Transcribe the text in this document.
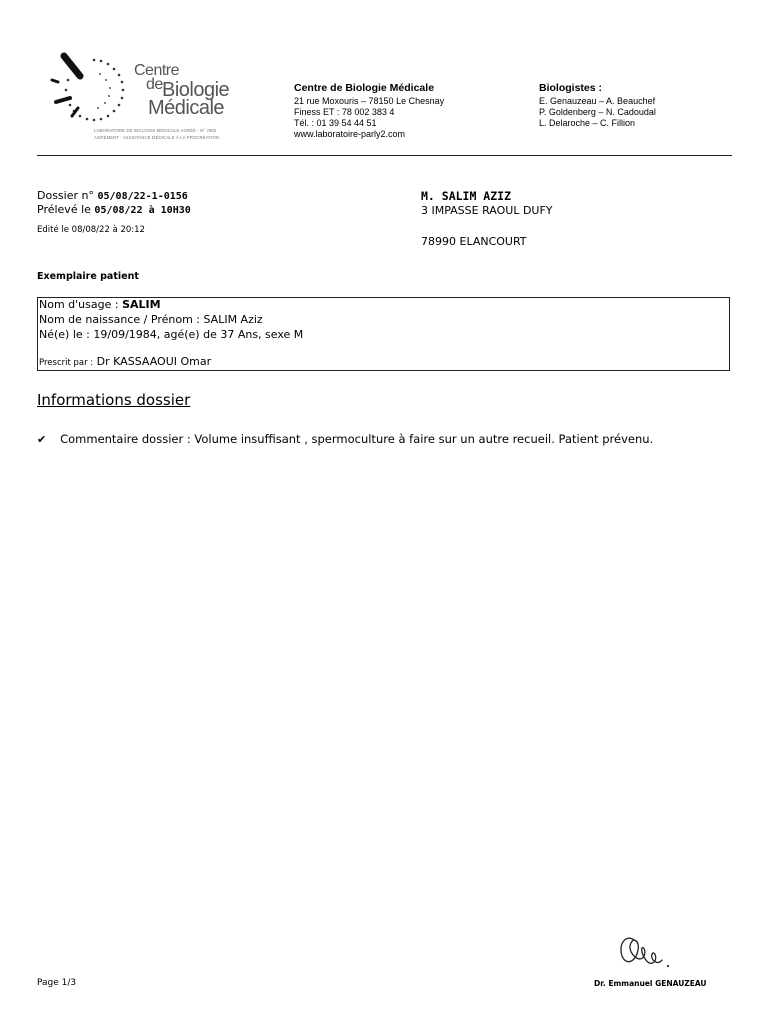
Centre
de Biologie
Médicale
LABORATOIRE DE BIOLOGIE MÉDICALE AGRÉÉ - N° 7892
AGRÉMENT : ASSISTANCE MÉDICALE À LA PROCRÉATION
Centre de Biologie Médicale
21 rue Moxouris – 78150 Le Chesnay
Finess ET : 78 002 383 4
Tél. : 01 39 54 44 51
www.laboratoire-parly2.com
Biologistes :
E. Genauzeau – A. Beauchef
P. Goldenberg – N. Cadoudal
L. Delaroche – C. Fillion
Dossier n° 05/08/22-1-0156
Prélevé le 05/08/22 à 10H30
Edité le 08/08/22 à 20:12
M. SALIM AZIZ
3 IMPASSE RAOUL DUFY
78990 ELANCOURT
Exemplaire patient
Nom d'usage : SALIM
Nom de naissance / Prénom : SALIM Aziz
Né(e) le : 19/09/1984, agé(e) de 37 Ans, sexe M
Prescrit par : Dr KASSAAOUI Omar
Informations dossier
✔ Commentaire dossier : Volume insuffisant , spermoculture à faire sur un autre recueil. Patient prévenu.
Page 1/3	Dr. Emmanuel GENAUZEAU
